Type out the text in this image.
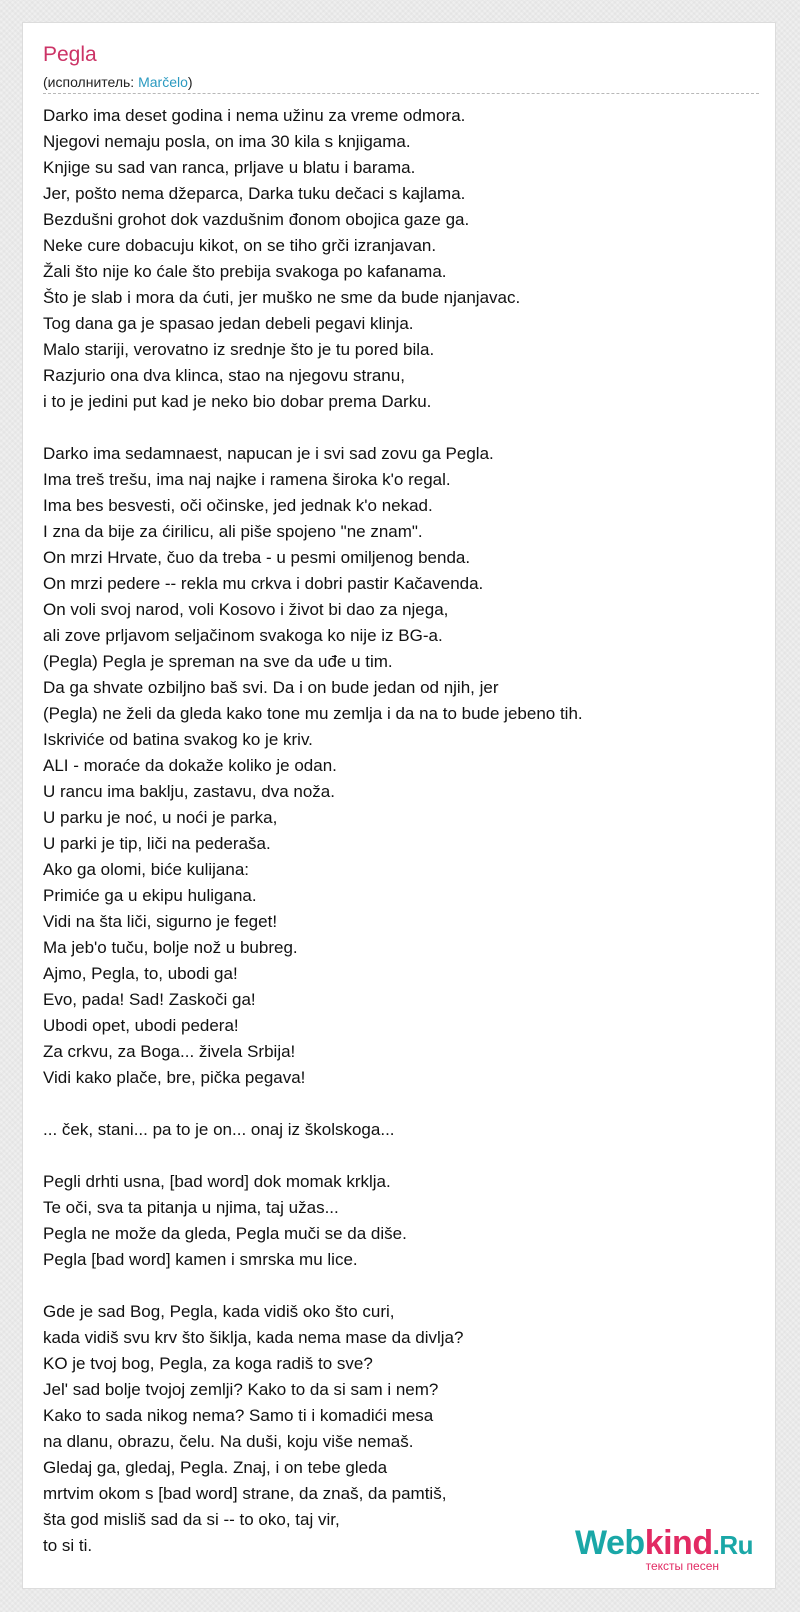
Pegla
(исполнитель: Marčelo)
Darko ima deset godina i nema užinu za vreme odmora.
Njegovi nemaju posla, on ima 30 kila s knjigama.
Knjige su sad van ranca, prljave u blatu i barama.
Jer, pošto nema džeparca, Darka tuku dečaci s kajlama.
Bezdušni grohot dok vazdušnim đonom obojica gaze ga.
Neke cure dobacuju kikot, on se tiho grči izranjavan.
Žali što nije ko ćale što prebija svakoga po kafanama.
Što je slab i mora da ćuti, jer muško ne sme da bude njanjavac.
Tog dana ga je spasao jedan debeli pegavi klinja.
Malo stariji, verovatno iz srednje što je tu pored bila.
Razjurio ona dva klinca, stao na njegovu stranu,
i to je jedini put kad je neko bio dobar prema Darku.

Darko ima sedamnaest, napucan je i svi sad zovu ga Pegla.
Ima treš trešu, ima naj najke i ramena široka k'o regal.
Ima bes besvesti, oči očinske, jed jednak k'o nekad.
I zna da bije za ćirilicu, ali piše spojeno "ne znam".
On mrzi Hrvate, čuo da treba - u pesmi omiljenog benda.
On mrzi pedere -- rekla mu crkva i dobri pastir Kačavenda.
On voli svoj narod, voli Kosovo i život bi dao za njega,
ali zove prljavom seljačinom svakoga ko nije iz BG-a.
(Pegla) Pegla je spreman na sve da uđe u tim.
Da ga shvate ozbiljno baš svi. Da i on bude jedan od njih, jer
(Pegla) ne želi da gleda kako tone mu zemlja i da na to bude jebeno tih.
Iskriviće od batina svakog ko je kriv.
ALI - moraće da dokaže koliko je odan.
U rancu ima baklju, zastavu, dva noža.
U parku je noć, u noći je parka,
U parki je tip, liči na pederaša.
Ako ga olomi, biće kulijana:
Primiće ga u ekipu huligana.
Vidi na šta liči, sigurno je feget!
Ma jeb'o tuču, bolje nož u bubreg.
Ajmo, Pegla, to, ubodi ga!
Evo, pada! Sad! Zaskoči ga!
Ubodi opet, ubodi pedera!
Za crkvu, za Boga... živela Srbija!
Vidi kako plače, bre, pička pegava!

... ček, stani... pa to je on... onaj iz školskoga...

Pegli drhti usna, [bad word] dok momak krklja.
Te oči, sva ta pitanja u njima, taj užas...
Pegla ne može da gleda, Pegla muči se da diše.
Pegla [bad word] kamen i smrska mu lice.

Gde je sad Bog, Pegla, kada vidiš oko što curi,
kada vidiš svu krv što šiklja, kada nema mase da divlja?
KO je tvoj bog, Pegla, za koga radiš to sve?
Jel' sad bolje tvojoj zemlji? Kako to da si sam i nem?
Kako to sada nikog nema? Samo ti i komadići mesa
na dlanu, obrazu, čelu. Na duši, koju više nemaš.
Gledaj ga, gledaj, Pegla. Znaj, i on tebe gleda
mrtvim okom s [bad word] strane, da znaš, da pamtiš,
šta god misliš sad da si -- to oko, taj vir,
to si ti.	Webkind.Ru
тексты песен
